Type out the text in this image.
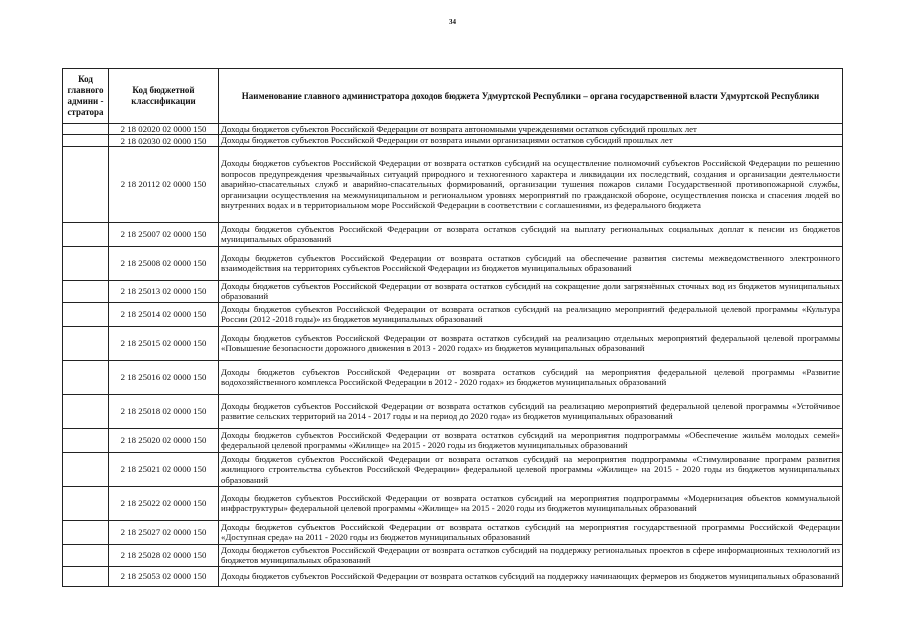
34
Код главного админи - стратора	Код бюджетной классификации	Наименование главного администратора доходов бюджета Удмуртской Республики – органа государственной власти Удмуртской Республики
	2 18 02020 02 0000 150	Доходы бюджетов субъектов Российской Федерации от возврата автономными учреждениями остатков субсидий прошлых лет
	2 18 02030 02 0000 150	Доходы бюджетов субъектов Российской Федерации от возврата иными организациями остатков субсидий прошлых лет
	2 18 20112 02 0000 150	Доходы бюджетов субъектов Российской Федерации от возврата остатков субсидий на осуществление полномочий субъектов Российской Федерации по решению вопросов предупреждения чрезвычайных ситуаций природного и техногенного характера и ликвидации их последствий, создания и организации деятельности аварийно-спасательных служб и аварийно-спасательных формирований, организации тушения пожаров силами Государственной противопожарной службы, организации осуществления на межмуниципальном и региональном уровнях мероприятий по гражданской обороне, осуществления поиска и спасения людей во внутренних водах и в территориальном море Российской Федерации в соответствии с соглашениями, из федерального бюджета
	2 18 25007 02 0000 150	Доходы бюджетов субъектов Российской Федерации от возврата остатков субсидий на выплату региональных социальных доплат к пенсии из бюджетов муниципальных образований
	2 18 25008 02 0000 150	Доходы бюджетов субъектов Российской Федерации от возврата остатков субсидий на обеспечение развития системы межведомственного электронного взаимодействия на территориях субъектов Российской Федерации из бюджетов муниципальных образований
	2 18 25013 02 0000 150	Доходы бюджетов субъектов Российской Федерации от возврата остатков субсидий на сокращение доли загрязнённых сточных вод из бюджетов муниципальных образований
	2 18 25014 02 0000 150	Доходы бюджетов субъектов Российской Федерации от возврата остатков субсидий на реализацию мероприятий федеральной целевой программы «Культура России (2012 -2018 годы)» из бюджетов муниципальных образований
	2 18 25015 02 0000 150	Доходы бюджетов субъектов Российской Федерации от возврата остатков субсидий на реализацию отдельных мероприятий федеральной целевой программы «Повышение безопасности дорожного движения в 2013 - 2020 годах» из бюджетов муниципальных образований
	2 18 25016 02 0000 150	Доходы бюджетов субъектов Российской Федерации от возврата остатков субсидий на мероприятия федеральной целевой программы «Развитие водохозяйственного комплекса Российской Федерации в 2012 - 2020 годах» из бюджетов муниципальных образований
	2 18 25018 02 0000 150	Доходы бюджетов субъектов Российской Федерации от возврата остатков субсидий на реализацию мероприятий федеральной целевой программы «Устойчивое развитие сельских территорий на 2014 - 2017 годы и на период до 2020 года» из бюджетов муниципальных образований
	2 18 25020 02 0000 150	Доходы бюджетов субъектов Российской Федерации от возврата остатков субсидий на мероприятия подпрограммы «Обеспечение жильём молодых семей» федеральной целевой программы «Жилище» на 2015 - 2020 годы из бюджетов муниципальных образований
	2 18 25021 02 0000 150	Доходы бюджетов субъектов Российской Федерации от возврата остатков субсидий на мероприятия подпрограммы «Стимулирование программ развития жилищного строительства субъектов Российской Федерации» федеральной целевой программы «Жилище» на 2015 - 2020 годы из бюджетов муниципальных образований
	2 18 25022 02 0000 150	Доходы бюджетов субъектов Российской Федерации от возврата остатков субсидий на мероприятия подпрограммы «Модернизация объектов коммунальной инфраструктуры» федеральной целевой программы «Жилище» на 2015 - 2020 годы из бюджетов муниципальных образований
	2 18 25027 02 0000 150	Доходы бюджетов субъектов Российской Федерации от возврата остатков субсидий на мероприятия государственной программы Российской Федерации «Доступная среда» на 2011 - 2020 годы из бюджетов муниципальных образований
	2 18 25028 02 0000 150	Доходы бюджетов субъектов Российской Федерации от возврата остатков субсидий на поддержку региональных проектов в сфере информационных технологий из бюджетов муниципальных образований
	2 18 25053 02 0000 150	Доходы бюджетов субъектов Российской Федерации от возврата остатков субсидий на поддержку начинающих фермеров из бюджетов муниципальных образований
